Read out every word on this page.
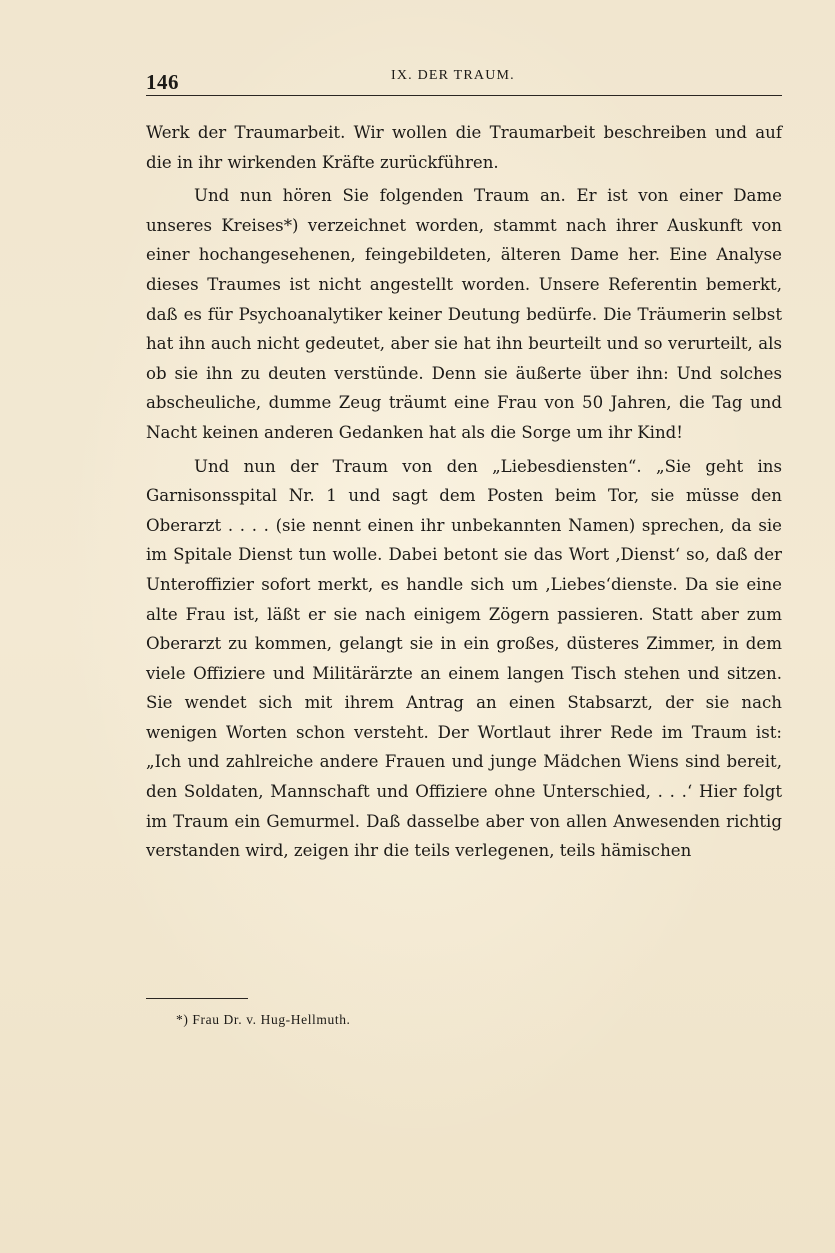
146	IX. DER TRAUM.

Werk der Traumarbeit. Wir wollen die Traumarbeit beschreiben und auf die in ihr wirkenden Kräfte zurückführen.

Und nun hören Sie folgenden Traum an. Er ist von einer Dame unseres Kreises*) verzeichnet worden, stammt nach ihrer Auskunft von einer hochangesehenen, feingebildeten, älteren Dame her. Eine Analyse dieses Traumes ist nicht angestellt worden. Unsere Referentin bemerkt, daß es für Psychoanalytiker keiner Deutung bedürfe. Die Träumerin selbst hat ihn auch nicht gedeutet, aber sie hat ihn beurteilt und so verurteilt, als ob sie ihn zu deuten verstünde. Denn sie äußerte über ihn: Und solches abscheuliche, dumme Zeug träumt eine Frau von 50 Jahren, die Tag und Nacht keinen anderen Gedanken hat als die Sorge um ihr Kind!

Und nun der Traum von den „Liebesdiensten“. „Sie geht ins Garnisonsspital Nr. 1 und sagt dem Posten beim Tor, sie müsse den Oberarzt . . . . (sie nennt einen ihr unbekannten Namen) sprechen, da sie im Spitale Dienst tun wolle. Dabei betont sie das Wort ‚Dienst‘ so, daß der Unteroffizier sofort merkt, es handle sich um ‚Liebes‘dienste. Da sie eine alte Frau ist, läßt er sie nach einigem Zögern passieren. Statt aber zum Oberarzt zu kommen, gelangt sie in ein großes, düsteres Zimmer, in dem viele Offiziere und Militärärzte an einem langen Tisch stehen und sitzen. Sie wendet sich mit ihrem Antrag an einen Stabsarzt, der sie nach wenigen Worten schon versteht. Der Wortlaut ihrer Rede im Traum ist: „Ich und zahlreiche andere Frauen und junge Mädchen Wiens sind bereit, den Soldaten, Mannschaft und Offiziere ohne Unterschied, . . .‘ Hier folgt im Traum ein Gemurmel. Daß dasselbe aber von allen Anwesenden richtig verstanden wird, zeigen ihr die teils verlegenen, teils hämischen

*) Frau Dr. v. Hug-Hellmuth.
